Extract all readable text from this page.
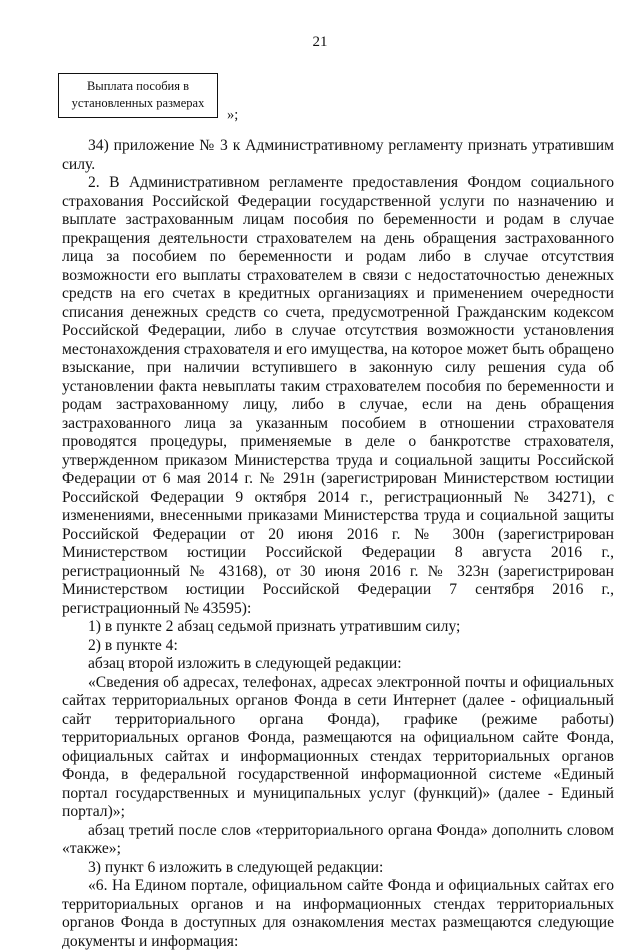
21
Выплата пособия в
установленных размерах
»;

34) приложение № 3 к Административному регламенту признать утратившим силу.

2. В Административном регламенте предоставления Фондом социального страхования Российской Федерации государственной услуги по назначению и выплате застрахованным лицам пособия по беременности и родам в случае прекращения деятельности страхователем на день обращения застрахованного лица за пособием по беременности и родам либо в случае отсутствия возможности его выплаты страхователем в связи с недостаточностью денежных средств на его счетах в кредитных организациях и применением очередности списания денежных средств со счета, предусмотренной Гражданским кодексом Российской Федерации, либо в случае отсутствия возможности установления местонахождения страхователя и его имущества, на которое может быть обращено взыскание, при наличии вступившего в законную силу решения суда об установлении факта невыплаты таким страхователем пособия по беременности и родам застрахованному лицу, либо в случае, если на день обращения застрахованного лица за указанным пособием в отношении страхователя проводятся процедуры, применяемые в деле о банкротстве страхователя, утвержденном приказом Министерства труда и социальной защиты Российской Федерации от 6 мая 2014 г. № 291н (зарегистрирован Министерством юстиции Российской Федерации 9 октября 2014 г., регистрационный № 34271), с изменениями, внесенными приказами Министерства труда и социальной защиты Российской Федерации от 20 июня 2016 г. № 300н (зарегистрирован Министерством юстиции Российской Федерации 8 августа 2016 г., регистрационный № 43168), от 30 июня 2016 г. № 323н (зарегистрирован Министерством юстиции Российской Федерации 7 сентября 2016 г., регистрационный № 43595):

1) в пункте 2 абзац седьмой признать утратившим силу;

2) в пункте 4:

абзац второй изложить в следующей редакции:

«Сведения об адресах, телефонах, адресах электронной почты и официальных сайтах территориальных органов Фонда в сети Интернет (далее - официальный сайт территориального органа Фонда), графике (режиме работы) территориальных органов Фонда, размещаются на официальном сайте Фонда, официальных сайтах и информационных стендах территориальных органов Фонда, в федеральной государственной информационной системе «Единый портал государственных и муниципальных услуг (функций)» (далее - Единый портал)»;

абзац третий после слов «территориального органа Фонда» дополнить словом «также»;

3) пункт 6 изложить в следующей редакции:

«6. На Едином портале, официальном сайте Фонда и официальных сайтах его территориальных органов и на информационных стендах территориальных органов Фонда в доступных для ознакомления местах размещаются следующие документы и информация:
